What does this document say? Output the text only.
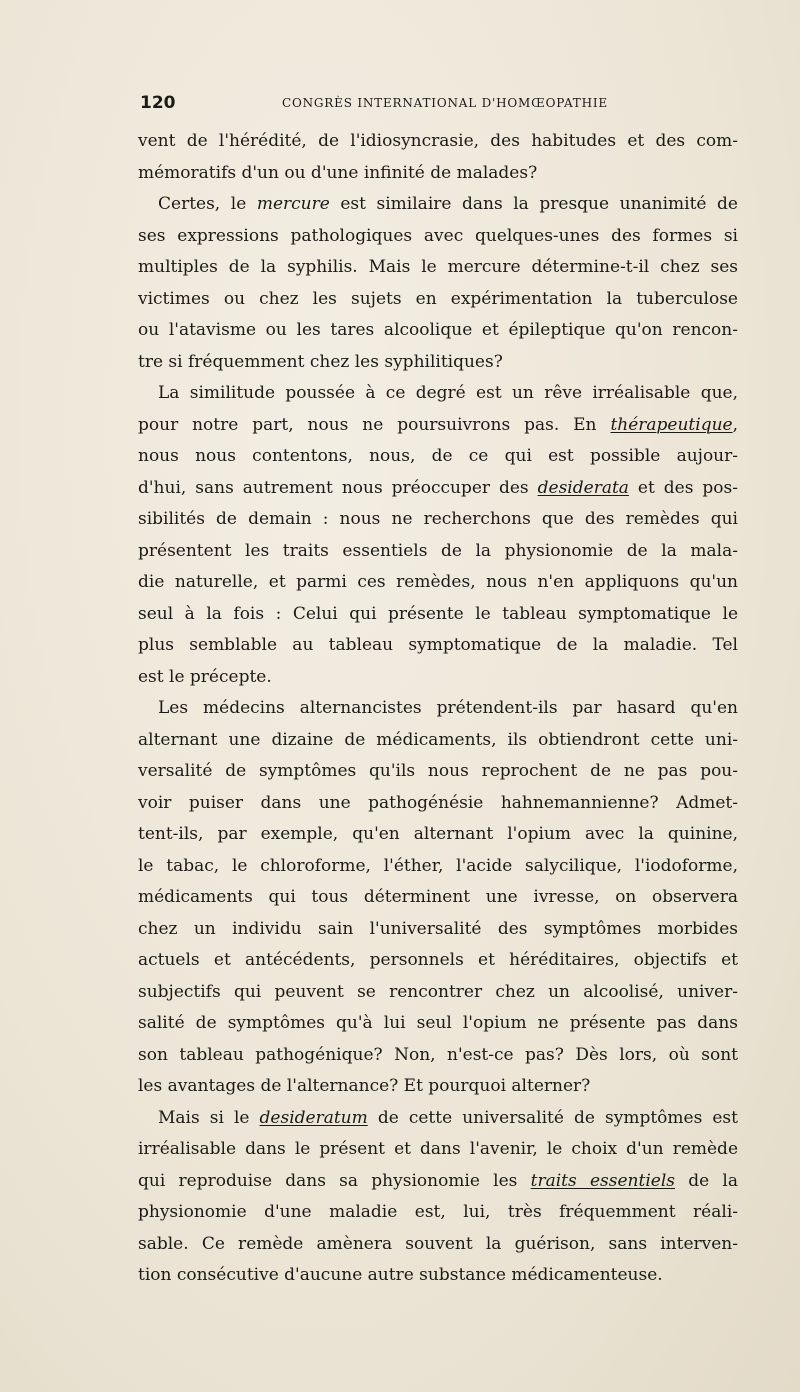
120	CONGRÈS INTERNATIONAL D'HOMŒOPATHIE
vent de l'hérédité, de l'idiosyncrasie, des habitudes et des com-
mémoratifs d'un ou d'une infinité de malades?
Certes, le mercure est similaire dans la presque unanimité de
ses expressions pathologiques avec quelques-unes des formes si
multiples de la syphilis. Mais le mercure détermine-t-il chez ses
victimes ou chez les sujets en expérimentation la tuberculose
ou l'atavisme ou les tares alcoolique et épileptique qu'on rencon-
tre si fréquemment chez les syphilitiques?
La similitude poussée à ce degré est un rêve irréalisable que,
pour notre part, nous ne poursuivrons pas. En thérapeutique,
nous nous contentons, nous, de ce qui est possible aujour-
d'hui, sans autrement nous préoccuper des desiderata et des pos-
sibilités de demain : nous ne recherchons que des remèdes qui
présentent les traits essentiels de la physionomie de la mala-
die naturelle, et parmi ces remèdes, nous n'en appliquons qu'un
seul à la fois : Celui qui présente le tableau symptomatique le
plus semblable au tableau symptomatique de la maladie. Tel
est le précepte.
Les médecins alternancistes prétendent-ils par hasard qu'en
alternant une dizaine de médicaments, ils obtiendront cette uni-
versalité de symptômes qu'ils nous reprochent de ne pas pou-
voir puiser dans une pathogénésie hahnemannienne? Admet-
tent-ils, par exemple, qu'en alternant l'opium avec la quinine,
le tabac, le chloroforme, l'éther, l'acide salycilique, l'iodoforme,
médicaments qui tous déterminent une ivresse, on observera
chez un individu sain l'universalité des symptômes morbides
actuels et antécédents, personnels et héréditaires, objectifs et
subjectifs qui peuvent se rencontrer chez un alcoolisé, univer-
salité de symptômes qu'à lui seul l'opium ne présente pas dans
son tableau pathogénique? Non, n'est-ce pas? Dès lors, où sont
les avantages de l'alternance? Et pourquoi alterner?
Mais si le desideratum de cette universalité de symptômes est
irréalisable dans le présent et dans l'avenir, le choix d'un remède
qui reproduise dans sa physionomie les traits essentiels de la
physionomie d'une maladie est, lui, très fréquemment réali-
sable. Ce remède amènera souvent la guérison, sans interven-
tion consécutive d'aucune autre substance médicamenteuse.
